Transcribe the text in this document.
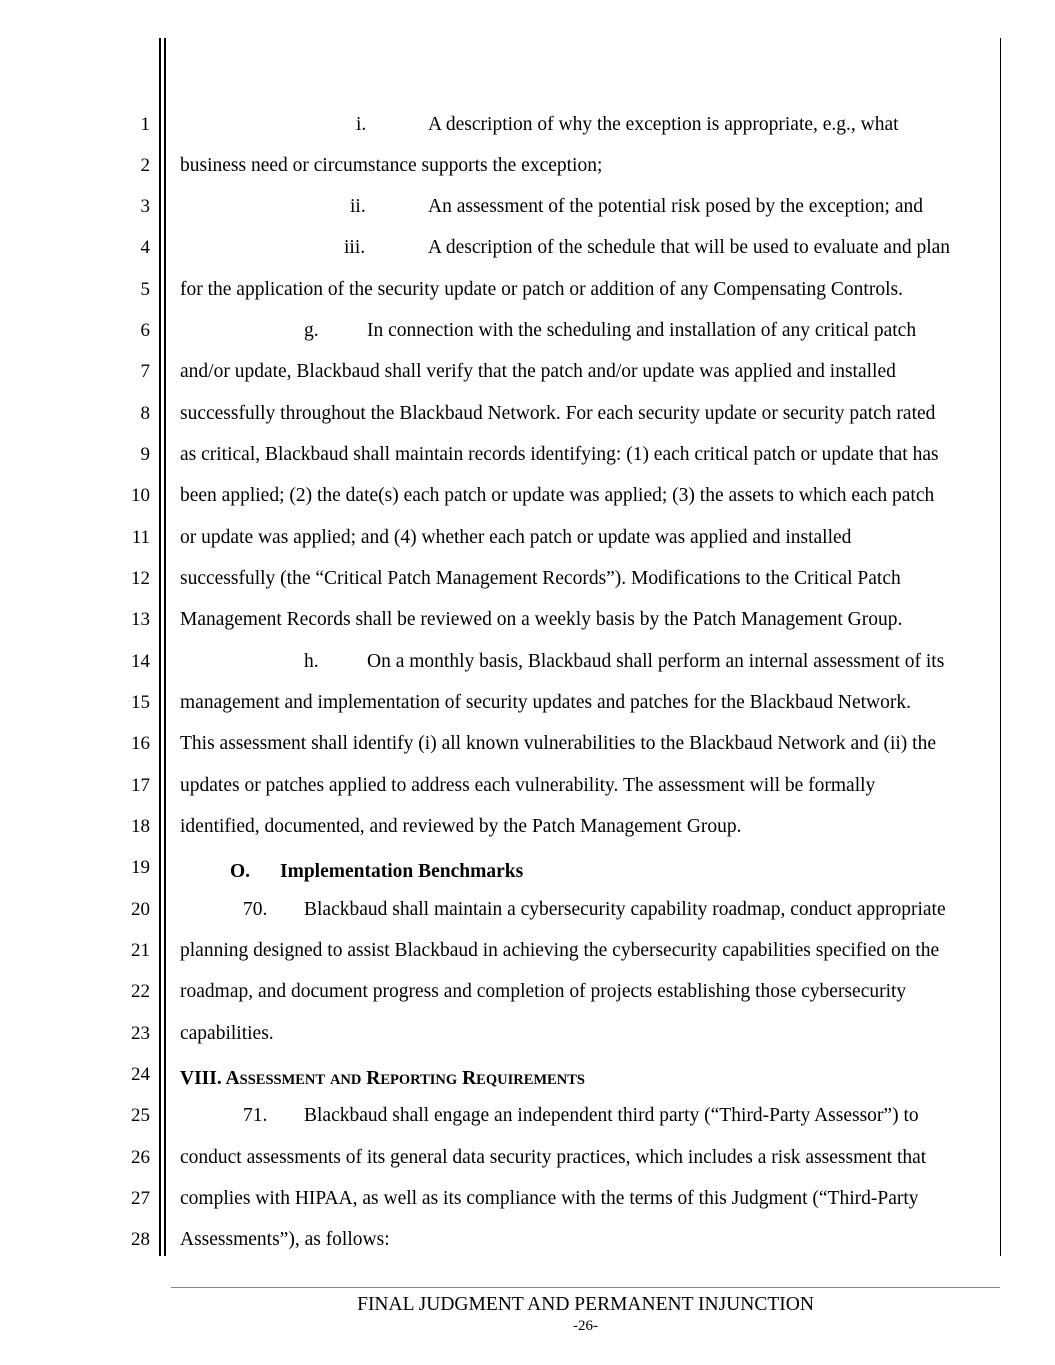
1
2
3
4
5
6
7
8
9
10
11
12
13
14
15
16
17
18
19
20
21
22
23
24
25
26
27
28
i.	A description of why the exception is appropriate, e.g., what
business need or circumstance supports the exception;
ii.	An assessment of the potential risk posed by the exception; and
iii.	A description of the schedule that will be used to evaluate and plan
for the application of the security update or patch or addition of any Compensating Controls.
g. In connection with the scheduling and installation of any critical patch
and/or update, Blackbaud shall verify that the patch and/or update was applied and installed
successfully throughout the Blackbaud Network. For each security update or security patch rated
as critical, Blackbaud shall maintain records identifying: (1) each critical patch or update that has
been applied; (2) the date(s) each patch or update was applied; (3) the assets to which each patch
or update was applied; and (4) whether each patch or update was applied and installed
successfully (the “Critical Patch Management Records”). Modifications to the Critical Patch
Management Records shall be reviewed on a weekly basis by the Patch Management Group.
h. On a monthly basis, Blackbaud shall perform an internal assessment of its
management and implementation of security updates and patches for the Blackbaud Network.
This assessment shall identify (i) all known vulnerabilities to the Blackbaud Network and (ii) the
updates or patches applied to address each vulnerability. The assessment will be formally
identified, documented, and reviewed by the Patch Management Group.
O. Implementation Benchmarks
70. Blackbaud shall maintain a cybersecurity capability roadmap, conduct appropriate
planning designed to assist Blackbaud in achieving the cybersecurity capabilities specified on the
roadmap, and document progress and completion of projects establishing those cybersecurity
capabilities.
VIII. ASSESSMENT AND REPORTING REQUIREMENTS
71. Blackbaud shall engage an independent third party (“Third-Party Assessor”) to
conduct assessments of its general data security practices, which includes a risk assessment that
complies with HIPAA, as well as its compliance with the terms of this Judgment (“Third-Party
Assessments”), as follows:
FINAL JUDGMENT AND PERMANENT INJUNCTION
-26-
